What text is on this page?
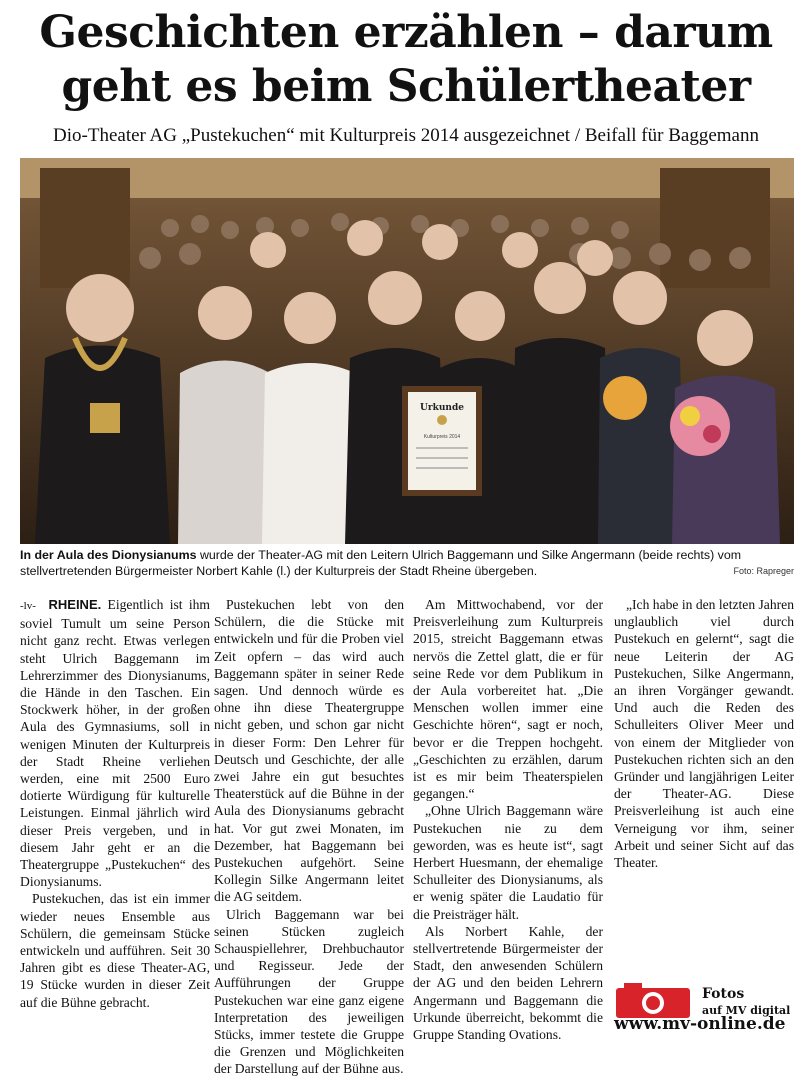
Geschichten erzählen – darum
geht es beim Schülertheater
Dio-Theater AG „Pustekuchen“ mit Kulturpreis 2014 ausgezeichnet / Beifall für Baggemann
Urkunde
Kulturpreis 2014
In der Aula des Dionysianums wurde der Theater-AG mit den Leitern Ulrich Baggemann und Silke Angermann (beide rechts) vom stellvertretenden Bürgermeister Norbert Kahle (l.) der Kulturpreis der Stadt Rheine übergeben.	Foto: Rapreger

-lv- RHEINE. Eigentlich ist ihm soviel Tumult um seine Person nicht ganz recht. Etwas verlegen steht Ulrich Baggemann im Lehrerzimmer des Dionysianums, die Hände in den Taschen. Ein Stockwerk höher, in der großen Aula des Gymnasiums, soll in wenigen Minuten der Kulturpreis der Stadt Rheine verliehen werden, eine mit 2500 Euro dotierte Würdigung für kulturelle Leistungen. Einmal jährlich wird dieser Preis vergeben, und in diesem Jahr geht er an die Theatergruppe „Pustekuchen“ des Dionysianums.

Pustekuchen, das ist ein immer wieder neues Ensemble aus Schülern, die gemeinsam Stücke entwickeln und aufführen. Seit 30 Jahren gibt es diese Theater-AG, 19 Stücke wurden in dieser Zeit auf die Bühne gebracht.

Pustekuchen lebt von den Schülern, die die Stücke mit entwickeln und für die Proben viel Zeit opfern – das wird auch Baggemann später in seiner Rede sagen. Und dennoch würde es ohne ihn diese Theatergruppe nicht geben, und schon gar nicht in dieser Form: Den Lehrer für Deutsch und Geschichte, der alle zwei Jahre ein gut besuchtes Theaterstück auf die Bühne in der Aula des Dionysianums gebracht hat. Vor gut zwei Monaten, im Dezember, hat Baggemann bei Pustekuchen aufgehört. Seine Kollegin Silke Angermann leitet die AG seitdem.

Ulrich Baggemann war bei seinen Stücken zugleich Schauspiellehrer, Drehbuchautor und Regisseur. Jede der Aufführungen der Gruppe Pustekuchen war eine ganz eigene Interpretation des jeweiligen Stücks, immer testete die Gruppe die Grenzen und Möglichkeiten der Darstellung auf der Bühne aus.

Am Mittwochabend, vor der Preisverleihung zum Kulturpreis 2015, streicht Baggemann etwas nervös die Zettel glatt, die er für seine Rede vor dem Publikum in der Aula vorbereitet hat. „Die Menschen wollen immer eine Geschichte hören“, sagt er noch, bevor er die Treppen hochgeht. „Geschichten zu erzählen, darum ist es mir beim Theaterspielen gegangen.“

„Ohne Ulrich Baggemann wäre Pustekuchen nie zu dem geworden, was es heute ist“, sagt Herbert Huesmann, der ehemalige Schulleiter des Dionysianums, als er wenig später die Laudatio für die Preisträger hält.

Als Norbert Kahle, der stellvertretende Bürgermeister der Stadt, den anwesenden Schülern der AG und den beiden Lehrern Angermann und Baggemann die Urkunde überreicht, bekommt die Gruppe Standing Ovations.

„Ich habe in den letzten Jahren unglaublich viel durch Pustekuch en gelernt“, sagt die neue Leiterin der AG Pustekuchen, Silke Angermann, an ihren Vorgänger gewandt. Und auch die Reden des Schulleiters Oliver Meer und von einem der Mitglieder von Pustekuchen richten sich an den Gründer und langjährigen Leiter der Theater-AG. Diese Preisverleihung ist auch eine Verneigung vor ihm, seiner Arbeit und seiner Sicht auf das Theater.

Fotos
auf MV digital
www.mv-online.de
